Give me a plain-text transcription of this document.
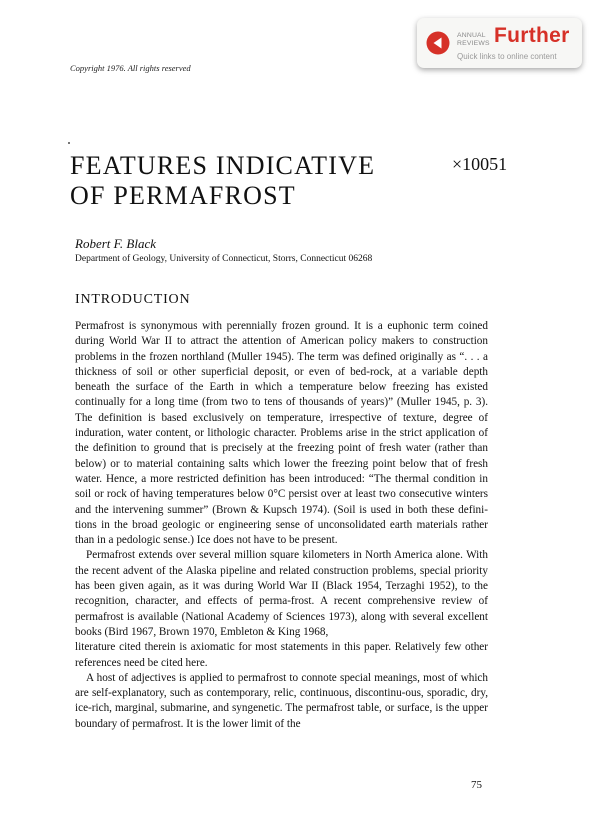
Copyright 1976. All rights reserved
ANNUAL
REVIEWS Further
Quick links to online content
FEATURES INDICATIVE
OF PERMAFROST
×10051
Robert F. Black
Department of Geology, University of Connecticut, Storrs, Connecticut 06268
INTRODUCTION

Permafrost is synonymous with perennially frozen ground. It is a euphonic term coined during World War II to attract the attention of American policy makers to construction problems in the frozen northland (Muller 1945). The term was defined originally as “. . . a thickness of soil or other superficial deposit, or even of bed-rock, at a variable depth beneath the surface of the Earth in which a temperature below freezing has existed continually for a long time (from two to tens of thousands of years)” (Muller 1945, p. 3). The definition is based exclusively on temperature, irrespective of texture, degree of induration, water content, or lithologic character. Problems arise in the strict application of the definition to ground that is precisely at the freezing point of fresh water (rather than below) or to material containing salts which lower the freezing point below that of fresh water. Hence, a more restricted definition has been introduced: “The thermal condition in soil or rock of having temperatures below 0°C persist over at least two consecutive winters and the intervening summer” (Brown & Kupsch 1974). (Soil is used in both these defini-tions in the broad geologic or engineering sense of unconsolidated earth materials rather than in a pedologic sense.) Ice does not have to be present.

Permafrost extends over several million square kilometers in North America alone. With the recent advent of the Alaska pipeline and related construction problems, special priority has been given again, as it was during World War II (Black 1954, Terzaghi 1952), to the recognition, character, and effects of perma-frost. A recent comprehensive review of permafrost is available (National Academy of Sciences 1973), along with several excellent books (Bird 1967, Brown 1970, Embleton & King 1968,

literature cited therein is axiomatic for most statements in this paper. Relatively few other references need be cited here.

A host of adjectives is applied to permafrost to connote special meanings, most of which are self-explanatory, such as contemporary, relic, continuous, discontinu-ous, sporadic, dry, ice-rich, marginal, submarine, and syngenetic. The permafrost table, or surface, is the upper boundary of permafrost. It is the lower limit of the

75
